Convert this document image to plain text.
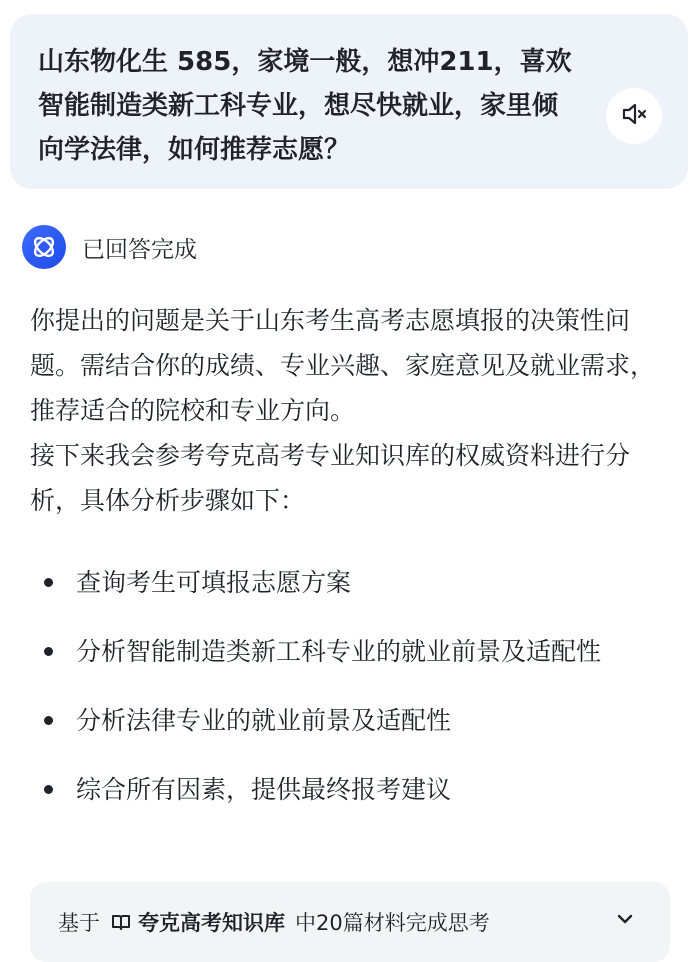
山东物化生 585，家境一般，想冲211，喜欢智能制造类新工科专业，想尽快就业，家里倾向学法律，如何推荐志愿？

已回答完成

你提出的问题是关于山东考生高考志愿填报的决策性问题。需结合你的成绩、专业兴趣、家庭意见及就业需求，推荐适合的院校和专业方向。

接下来我会参考夸克高考专业知识库的权威资料进行分析，具体分析步骤如下：

查询考生可填报志愿方案
分析智能制造类新工科专业的就业前景及适配性
分析法律专业的就业前景及适配性
综合所有因素，提供最终报考建议
基于 夸克高考知识库 中20篇材料完成思考
